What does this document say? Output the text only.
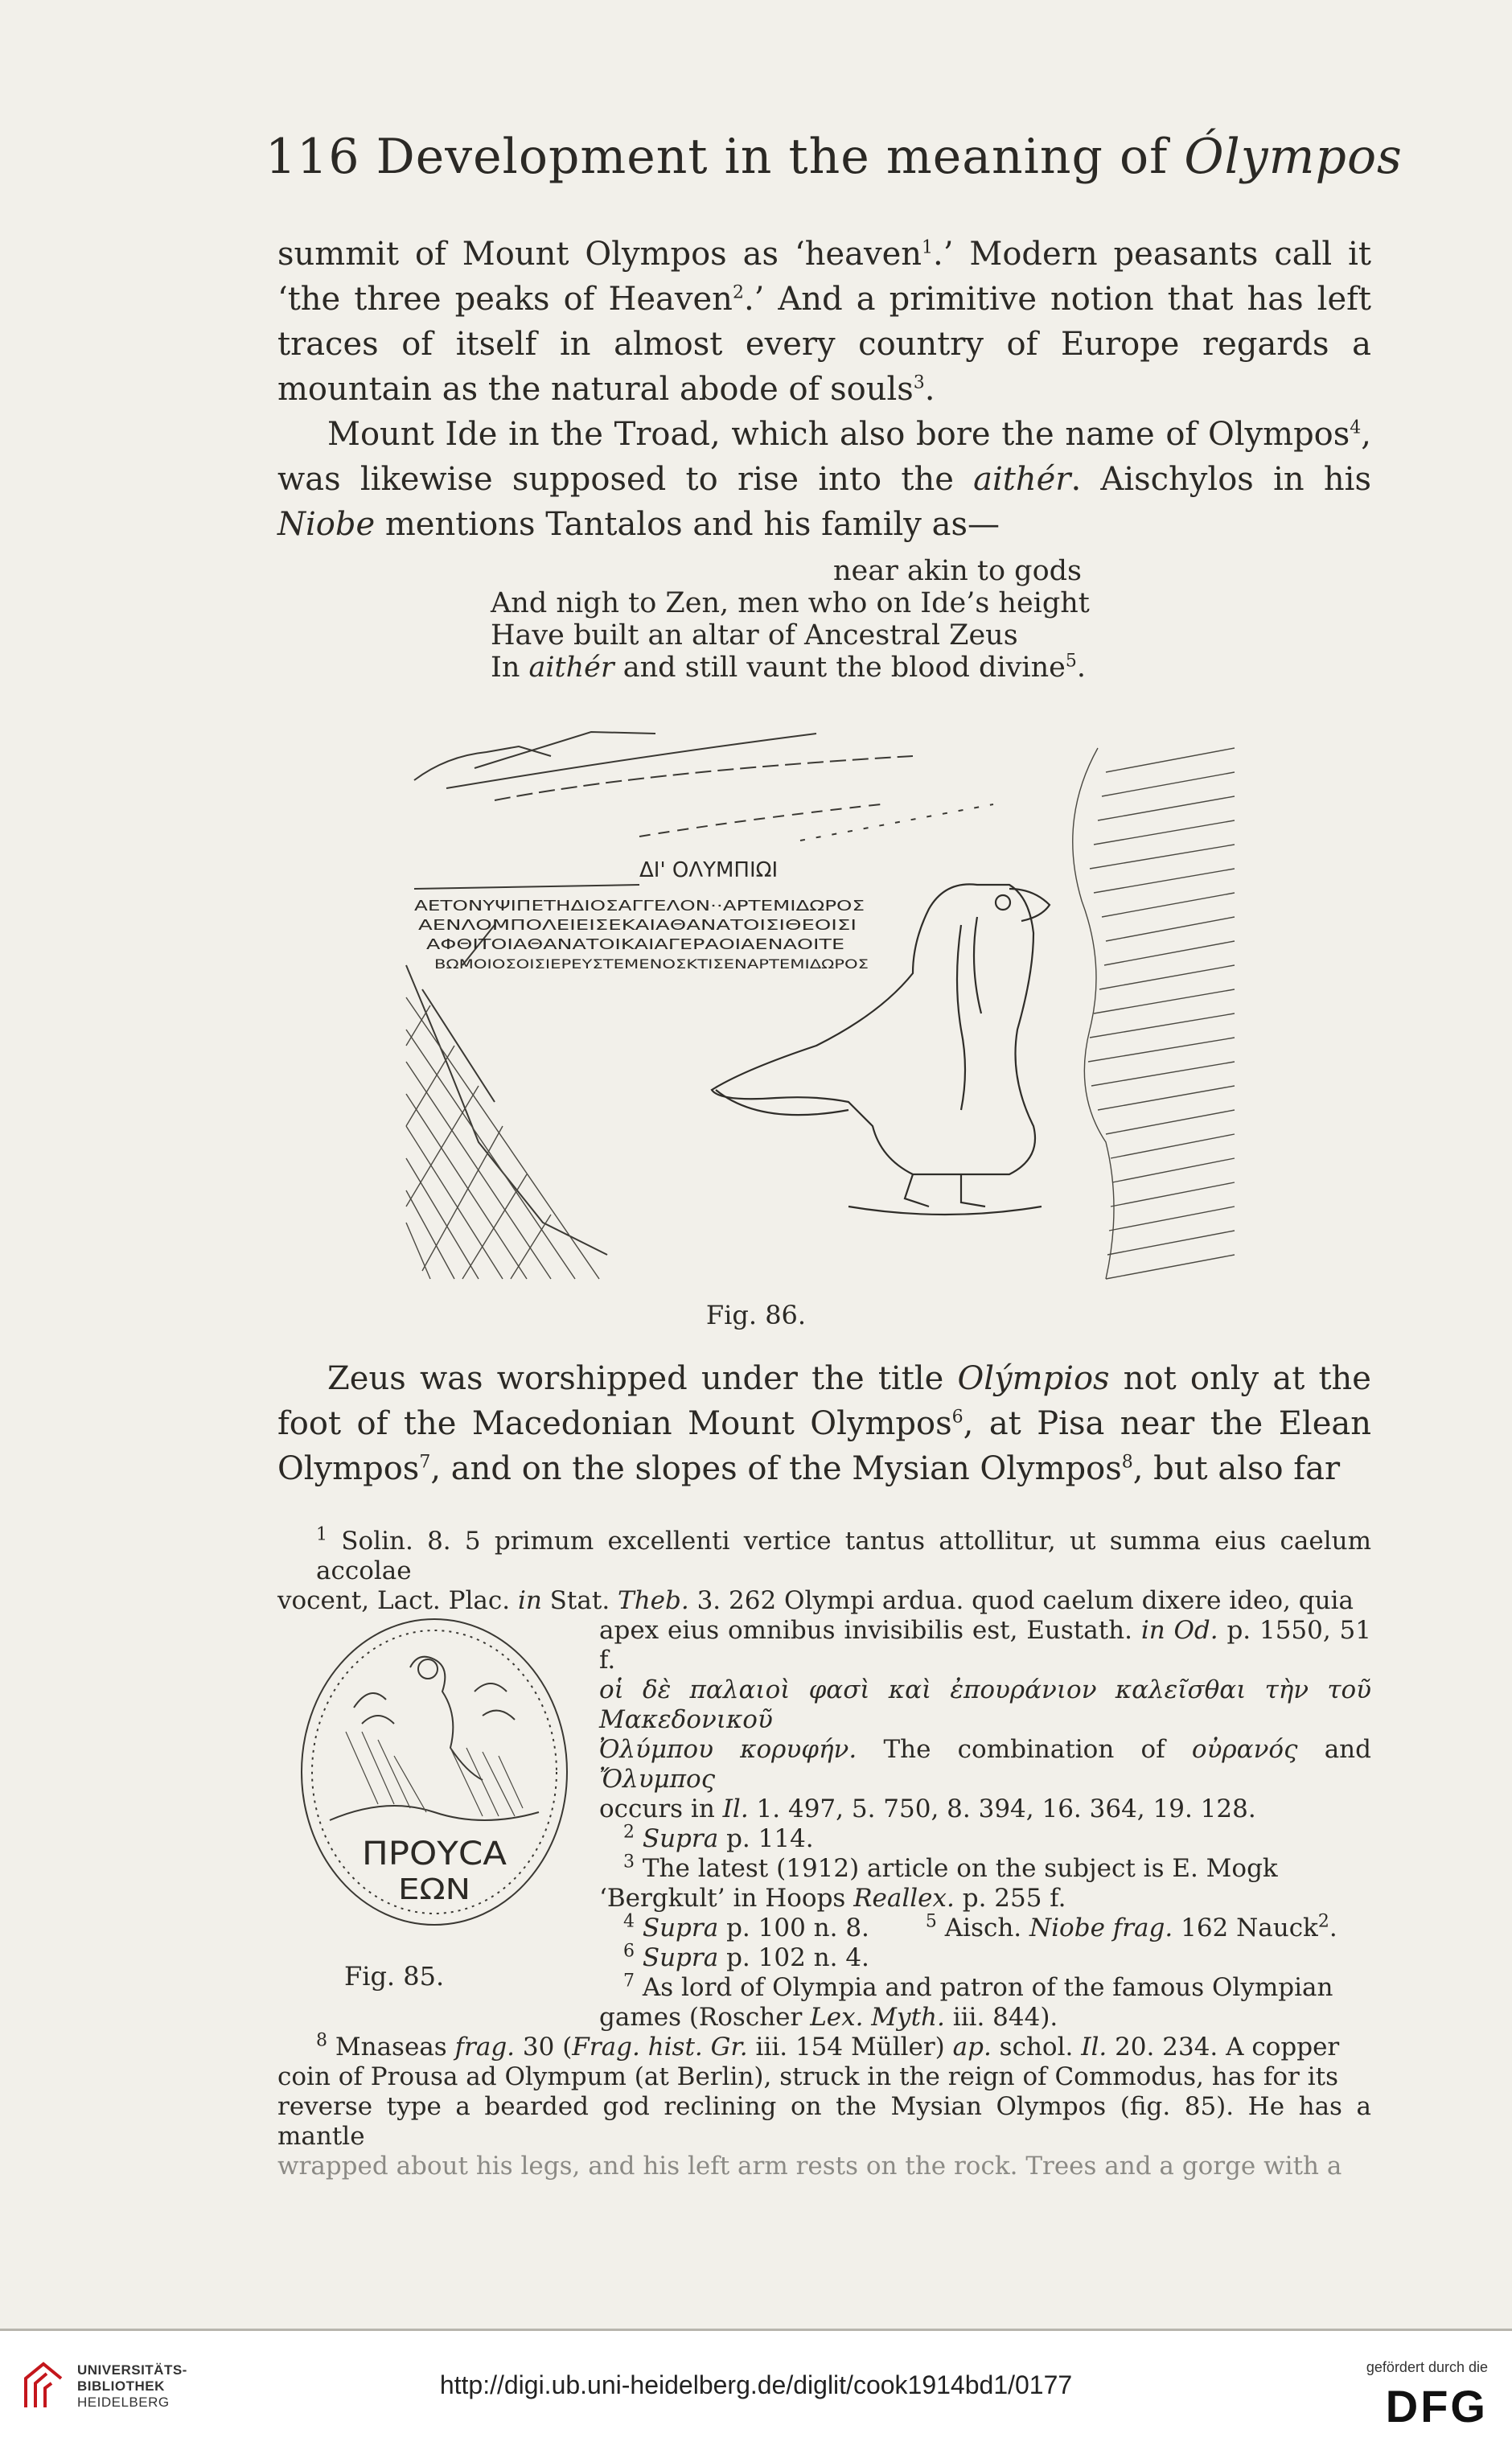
116 Development in the meaning of Ólympos

summit of Mount Olympos as ‘heaven$^1$.’ Modern peasants call it ‘the three peaks of Heaven$^2$.’ And a primitive notion that has left traces of itself in almost every country of Europe regards a mountain as the natural abode of souls$^3$.

Mount Ide in the Troad, which also bore the name of Olympos$^4$, was likewise supposed to rise into the aithér. Aischylos in his Niobe mentions Tantalos and his family as—

near akin to gods
And nigh to Zen, men who on Ide’s height
Have built an altar of Ancestral Zeus
In aithér and still vaunt the blood divine$^5$.
ΔΙ' ΟΛΥΜΠΙΩΙ
ΑΕΤΟΝΥΨΙΠΕΤΗΔΙΟΣΑΓΓΕΛΟΝ··ΑΡΤΕΜΙΔΩΡΟΣ
ΑΕΝΛΟΜΠΟΛΕΙΕΙΣΕΚΑΙΑΘΑΝΑΤΟΙΣΙΘΕΟΙΣΙ
ΑΦΘΙΤΟΙΑΘΑΝΑΤΟΙΚΑΙΑΓΕΡΑΟΙΑΕΝΑΟΙΤΕ
ΒΩΜΟΙΟΣΟΙΣΙΕΡΕΥΣΤΕΜΕΝΟΣΚΤΙΣΕΝΑΡΤΕΜΙΔΩΡΟΣ
Fig. 86.

Zeus was worshipped under the title Olýmpios not only at the foot of the Macedonian Mount Olympos$^6$, at Pisa near the Elean Olympos$^7$, and on the slopes of the Mysian Olympos$^8$, but also far

ΠΡΟΥϹΑ
ΕΩΝ
Fig. 85.
$^1$ Solin. 8. 5 primum excellenti vertice tantus attollitur, ut summa eius caelum accolae
vocent, Lact. Plac. in Stat. Theb. 3. 262 Olympi ardua. quod caelum dixere ideo, quia
apex eius omnibus invisibilis est, Eustath. in Od. p. 1550, 51 f.
οἱ δὲ παλαιοὶ φασὶ καὶ ἐπουράνιον καλεῖσθαι τὴν τοῦ Μακεδονικοῦ
Ὀλύμπου κορυφήν. The combination of οὐρανός and Ὄλυμπος
occurs in Il. 1. 497, 5. 750, 8. 394, 16. 364, 19. 128.
$^2$ Supra p. 114.
$^3$ The latest (1912) article on the subject is E. Mogk
‘Bergkult’ in Hoops Reallex. p. 255 f.
$^4$ Supra p. 100 n. 8.	$^5$ Aisch. Niobe frag. 162 Nauck$^2$.
$^6$ Supra p. 102 n. 4.
$^7$ As lord of Olympia and patron of the famous Olympian
games (Roscher Lex. Myth. iii. 844).
$^8$ Mnaseas frag. 30 (Frag. hist. Gr. iii. 154 Müller) ap. schol. Il. 20. 234. A copper
coin of Prousa ad Olympum (at Berlin), struck in the reign of Commodus, has for its
reverse type a bearded god reclining on the Mysian Olympos (fig. 85). He has a mantle
wrapped about his legs, and his left arm rests on the rock. Trees and a gorge with a
UNIVERSITÄTS-
BIBLIOTHEK
HEIDELBERG
http://digi.ub.uni-heidelberg.de/diglit/cook1914bd1/0177
gefördert durch die
DFG
